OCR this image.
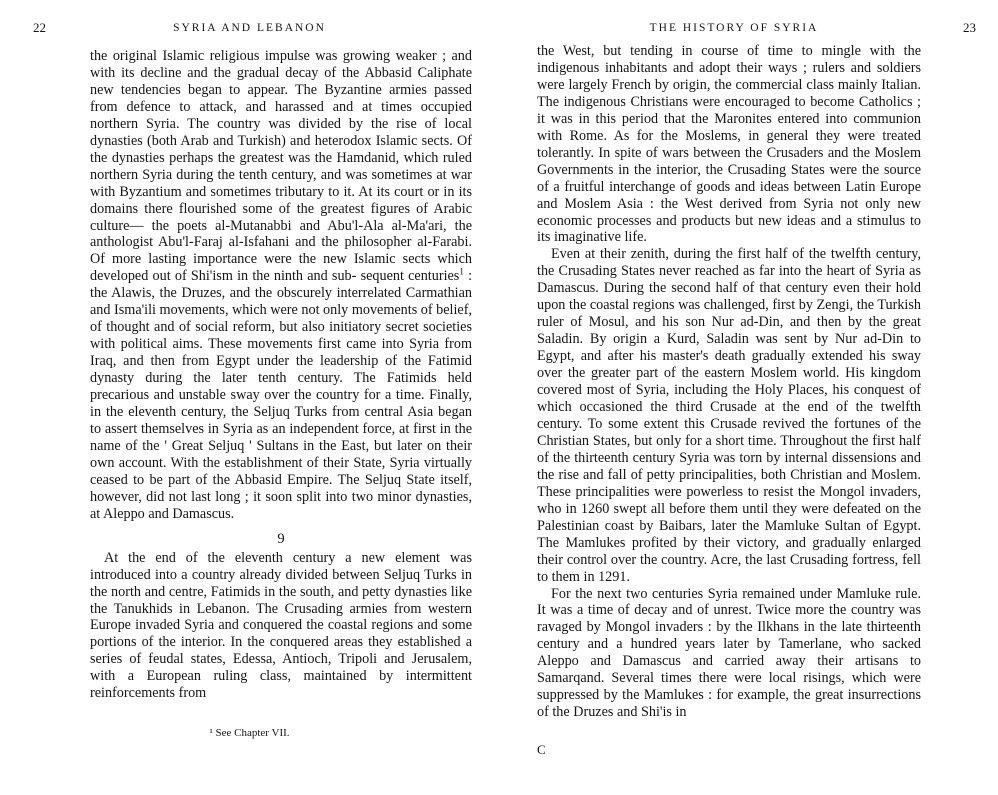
22	SYRIA AND LEBANON

the original Islamic religious impulse was growing weaker ; and with its decline and the gradual decay of the Abbasid Caliphate new tendencies began to appear. The Byzantine armies passed from defence to attack, and harassed and at times occupied northern Syria. The country was divided by the rise of local dynasties (both Arab and Turkish) and heterodox Islamic sects. Of the dynasties perhaps the greatest was the Hamdanid, which ruled northern Syria during the tenth century, and was sometimes at war with Byzantium and sometimes tributary to it. At its court or in its domains there flourished some of the greatest figures of Arabic culture— the poets al-Mutanabbi and Abu'l-Ala al-Ma'ari, the anthologist Abu'l-Faraj al-Isfahani and the philosopher al-Farabi. Of more lasting importance were the new Islamic sects which developed out of Shi'ism in the ninth and sub- sequent centuries$^1$ : the Alawis, the Druzes, and the obscurely interrelated Carmathian and Isma'ili movements, which were not only movements of belief, of thought and of social reform, but also initiatory secret societies with political aims. These movements first came into Syria from Iraq, and then from Egypt under the leadership of the Fatimid dynasty during the later tenth century. The Fatimids held precarious and unstable sway over the country for a time. Finally, in the eleventh century, the Seljuq Turks from central Asia began to assert themselves in Syria as an independent force, at first in the name of the ' Great Seljuq ' Sultans in the East, but later on their own account. With the establishment of their State, Syria virtually ceased to be part of the Abbasid Empire. The Seljuq State itself, however, did not last long ; it soon split into two minor dynasties, at Aleppo and Damascus.

9

At the end of the eleventh century a new element was introduced into a country already divided between Seljuq Turks in the north and centre, Fatimids in the south, and petty dynasties like the Tanukhids in Lebanon. The Crusading armies from western Europe invaded Syria and conquered the coastal regions and some portions of the interior. In the conquered areas they established a series of feudal states, Edessa, Antioch, Tripoli and Jerusalem, with a European ruling class, maintained by intermittent reinforcements from

¹ See Chapter VII.
THE HISTORY OF SYRIA	23

the West, but tending in course of time to mingle with the indigenous inhabitants and adopt their ways ; rulers and soldiers were largely French by origin, the commercial class mainly Italian. The indigenous Christians were encouraged to become Catholics ; it was in this period that the Maronites entered into communion with Rome. As for the Moslems, in general they were treated tolerantly. In spite of wars between the Crusaders and the Moslem Governments in the interior, the Crusading States were the source of a fruitful interchange of goods and ideas between Latin Europe and Moslem Asia : the West derived from Syria not only new economic processes and products but new ideas and a stimulus to its imaginative life.

Even at their zenith, during the first half of the twelfth century, the Crusading States never reached as far into the heart of Syria as Damascus. During the second half of that century even their hold upon the coastal regions was challenged, first by Zengi, the Turkish ruler of Mosul, and his son Nur ad-Din, and then by the great Saladin. By origin a Kurd, Saladin was sent by Nur ad-Din to Egypt, and after his master's death gradually extended his sway over the greater part of the eastern Moslem world. His kingdom covered most of Syria, including the Holy Places, his conquest of which occasioned the third Crusade at the end of the twelfth century. To some extent this Crusade revived the fortunes of the Christian States, but only for a short time. Throughout the first half of the thirteenth century Syria was torn by internal dissensions and the rise and fall of petty principalities, both Christian and Moslem. These principalities were powerless to resist the Mongol invaders, who in 1260 swept all before them until they were defeated on the Palestinian coast by Baibars, later the Mamluke Sultan of Egypt. The Mamlukes profited by their victory, and gradually enlarged their control over the country. Acre, the last Crusading fortress, fell to them in 1291.

For the next two centuries Syria remained under Mamluke rule. It was a time of decay and of unrest. Twice more the country was ravaged by Mongol invaders : by the Ilkhans in the late thirteenth century and a hundred years later by Tamerlane, who sacked Aleppo and Damascus and carried away their artisans to Samarqand. Several times there were local risings, which were suppressed by the Mamlukes : for example, the great insurrections of the Druzes and Shi'is in

C
